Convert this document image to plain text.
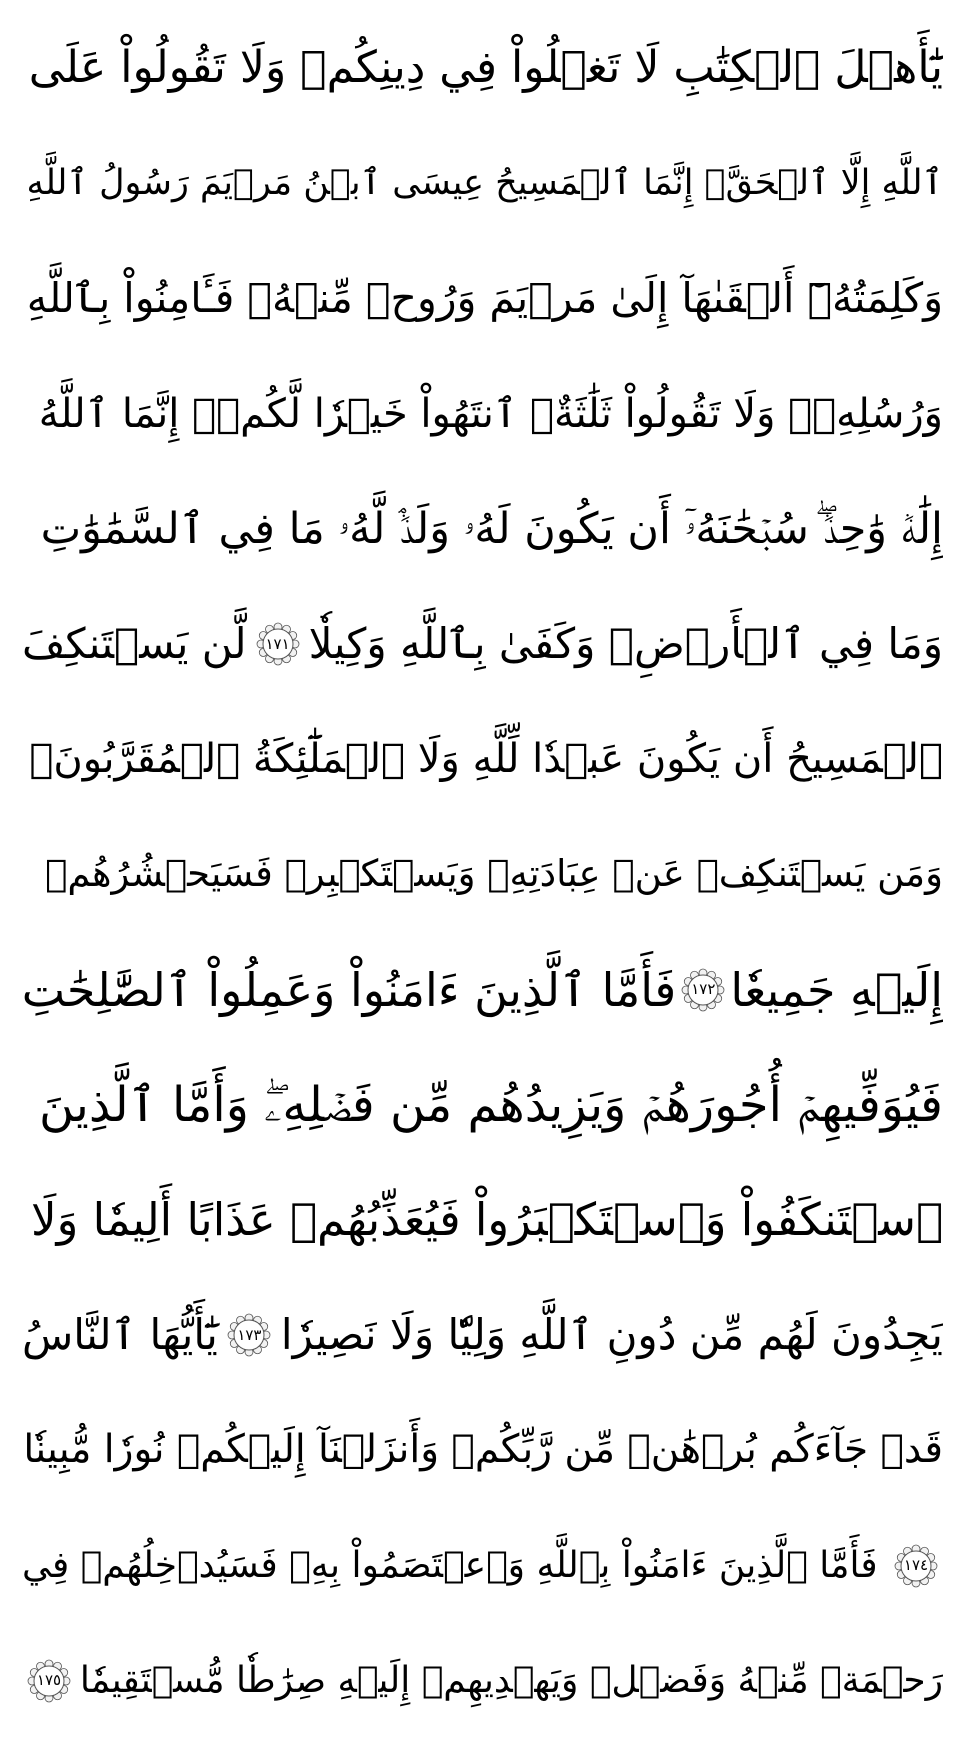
يَٰٓأَهۡلَ ٱلۡكِتَٰبِ لَا تَغۡلُواْ فِي دِينِكُمۡ وَلَا تَقُولُواْ عَلَى
ٱللَّهِ إِلَّا ٱلۡحَقَّۚ إِنَّمَا ٱلۡمَسِيحُ عِيسَى ٱبۡنُ مَرۡيَمَ رَسُولُ ٱللَّهِ
وَكَلِمَتُهُۥٓ أَلۡقَىٰهَآ إِلَىٰ مَرۡيَمَ وَرُوحٞ مِّنۡهُۖ فَـَٔامِنُواْ بِٱللَّهِ
وَرُسُلِهِۦۖ وَلَا تَقُولُواْ ثَلَٰثَةٌۚ ٱنتَهُواْ خَيۡرٗا لَّكُمۡۚ إِنَّمَا ٱللَّهُ
إِلَٰهٞ وَٰحِدٞۖ سُبۡحَٰنَهُۥٓ أَن يَكُونَ لَهُۥ وَلَدٞۘ لَّهُۥ مَا فِي ٱلسَّمَٰوَٰتِ
وَمَا فِي ٱلۡأَرۡضِۗ وَكَفَىٰ بِٱللَّهِ وَكِيلٗا
١٧١
لَّن يَسۡتَنكِفَ
ٱلۡمَسِيحُ أَن يَكُونَ عَبۡدٗا لِّلَّهِ وَلَا ٱلۡمَلَٰٓئِكَةُ ٱلۡمُقَرَّبُونَۚ
وَمَن يَسۡتَنكِفۡ عَنۡ عِبَادَتِهِۦ وَيَسۡتَكۡبِرۡ فَسَيَحۡشُرُهُمۡ
إِلَيۡهِ جَمِيعٗا
١٧٢
فَأَمَّا ٱلَّذِينَ ءَامَنُواْ وَعَمِلُواْ ٱلصَّٰلِحَٰتِ
فَيُوَفِّيهِمۡ أُجُورَهُمۡ وَيَزِيدُهُم مِّن فَضۡلِهِۦۖ وَأَمَّا ٱلَّذِينَ
ٱسۡتَنكَفُواْ وَٱسۡتَكۡبَرُواْ فَيُعَذِّبُهُمۡ عَذَابًا أَلِيمٗا وَلَا
يَجِدُونَ لَهُم مِّن دُونِ ٱللَّهِ وَلِيّٗا وَلَا نَصِيرٗا
١٧٣
يَٰٓأَيُّهَا ٱلنَّاسُ
قَدۡ جَآءَكُم بُرۡهَٰنٞ مِّن رَّبِّكُمۡ وَأَنزَلۡنَآ إِلَيۡكُمۡ نُورٗا مُّبِينٗا
١٧٤
فَأَمَّا ٱلَّذِينَ ءَامَنُواْ بِٱللَّهِ وَٱعۡتَصَمُواْ بِهِۦ فَسَيُدۡخِلُهُمۡ فِي
رَحۡمَةٖ مِّنۡهُ وَفَضۡلٖ وَيَهۡدِيهِمۡ إِلَيۡهِ صِرَٰطٗا مُّسۡتَقِيمٗا
١٧٥
